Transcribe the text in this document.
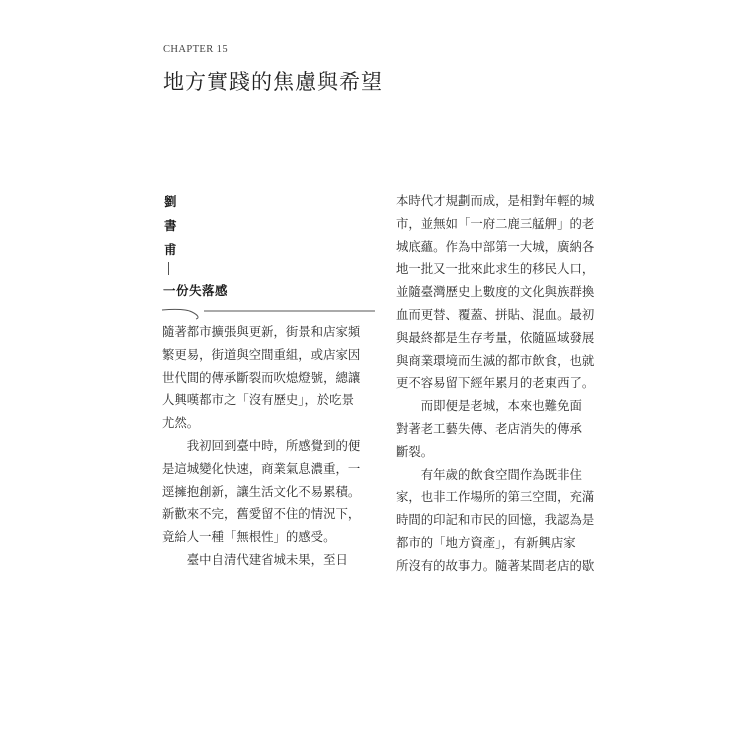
CHAPTER 15
地方實踐的焦慮與希望
劉
書
甫
一份失落感

隨著都市擴張與更新，街景和店家頻
繁更易，街道與空間重組，或店家因
世代間的傳承斷裂而吹熄燈號，總讓
人興嘆都市之「沒有歷史」，於吃景
尤然。

　　我初回到臺中時，所感覺到的便
是這城變化快速，商業氣息濃重，一
逕擁抱創新，讓生活文化不易累積。
新歡來不完，舊愛留不住的情況下，
竟給人一種「無根性」的感受。

　　臺中自清代建省城未果，至日

本時代才規劃而成，是相對年輕的城
市，並無如「一府二鹿三艋舺」的老
城底蘊。作為中部第一大城，廣納各
地一批又一批來此求生的移民人口，
並隨臺灣歷史上數度的文化與族群換
血而更替、覆蓋、拼貼、混血。最初
與最終都是生存考量，依隨區域發展
與商業環境而生滅的都市飲食，也就
更不容易留下經年累月的老東西了。

　　而即便是老城，本來也難免面
對著老工藝失傳、老店消失的傳承
斷裂。

　　有年歲的飲食空間作為既非住
家，也非工作場所的第三空間，充滿
時間的印記和市民的回憶，我認為是
都市的「地方資產」，有新興店家
所沒有的故事力。隨著某間老店的歇
